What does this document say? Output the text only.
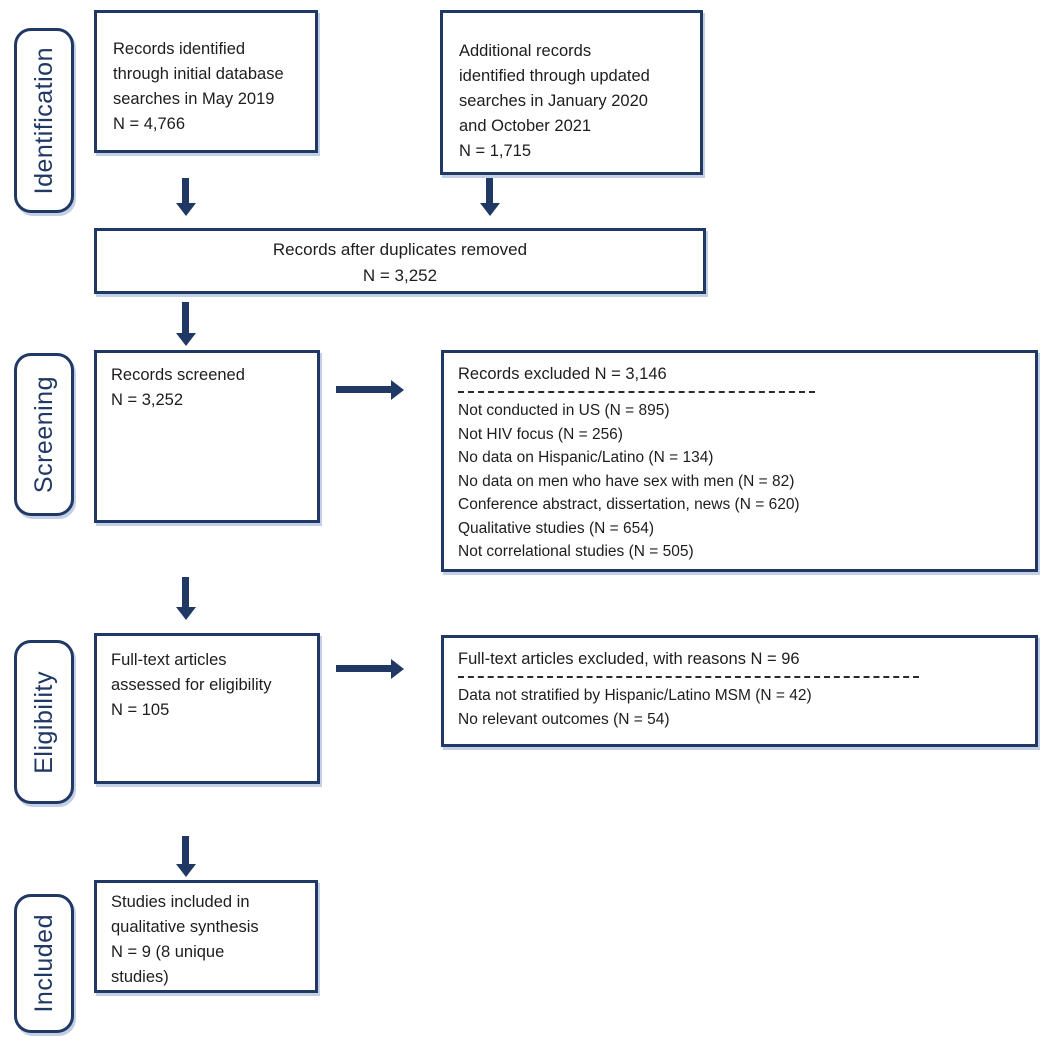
Identification
Screening
Eligibility
Included
Records identified
through initial database
searches in May 2019
N = 4,766
Additional records
identified through updated
searches in January 2020
and October 2021
N = 1,715
Records after duplicates removed
N = 3,252
Records screened
N = 3,252
Records excluded N = 3,146
Not conducted in US (N = 895)
Not HIV focus (N = 256)
No data on Hispanic/Latino (N = 134)
No data on men who have sex with men (N = 82)
Conference abstract, dissertation, news (N = 620)
Qualitative studies (N = 654)
Not correlational studies (N = 505)
Full-text articles
assessed for eligibility
N = 105
Full-text articles excluded, with reasons N = 96
Data not stratified by Hispanic/Latino MSM (N = 42)
No relevant outcomes (N = 54)
Studies included in
qualitative synthesis
N = 9 (8 unique
studies)
